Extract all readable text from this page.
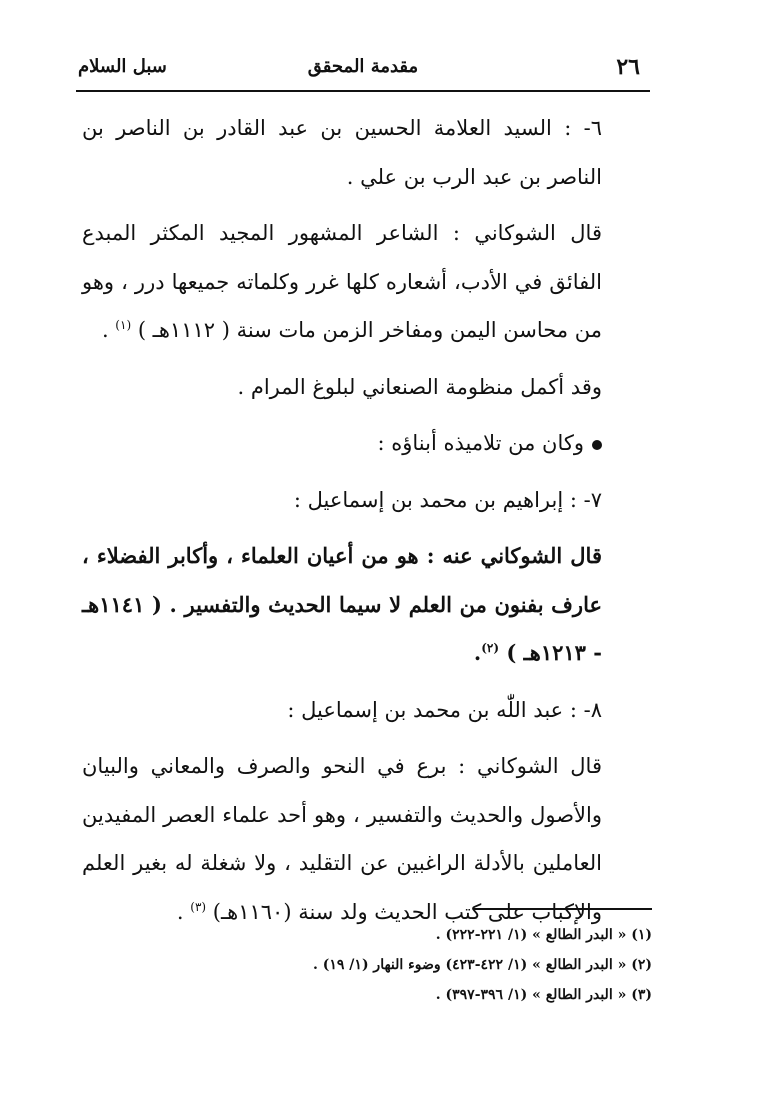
٢٦
مقدمة المحقق
سبل السلام

٦- : السيد العلامة الحسين بن عبد القادر بن الناصر بن الناصر بن عبد الرب بن علي .

قال الشوكاني : الشاعر المشهور المجيد المكثر المبدع الفائق في الأدب، أشعاره كلها غرر وكلماته جميعها درر ، وهو من محاسن اليمن ومفاخر الزمن مات سنة ( ١١١٢هـ ) $^{(١)}$ .

وقد أكمل منظومة الصنعاني لبلوغ المرام .

وكان من تلاميذه أبناؤه :

٧- : إبراهيم بن محمد بن إسماعيل :

قال الشوكاني عنه : هو من أعيان العلماء ، وأكابر الفضلاء ، عارف بفنون من العلم لا سيما الحديث والتفسير . ( ١١٤١هـ - ١٢١٣هـ ) $^{(٢)}$.

٨- : عبد اللّٰه بن محمد بن إسماعيل :

قال الشوكاني : برع في النحو والصرف والمعاني والبيان والأصول والحديث والتفسير ، وهو أحد علماء العصر المفيدين العاملين بالأدلة الراغبين عن التقليد ، ولا شغلة له بغير العلم والإكباب على كتب الحديث ولد سنة (١١٦٠هـ) $^{(٣)}$ .

(١) « البدر الطالع » (١/ ٢٢١-٢٢٢) .
(٢) « البدر الطالع » (١/ ٤٢٢-٤٢٣) وضوء النهار (١/ ١٩) .
(٣) « البدر الطالع » (١/ ٣٩٦-٣٩٧) .
